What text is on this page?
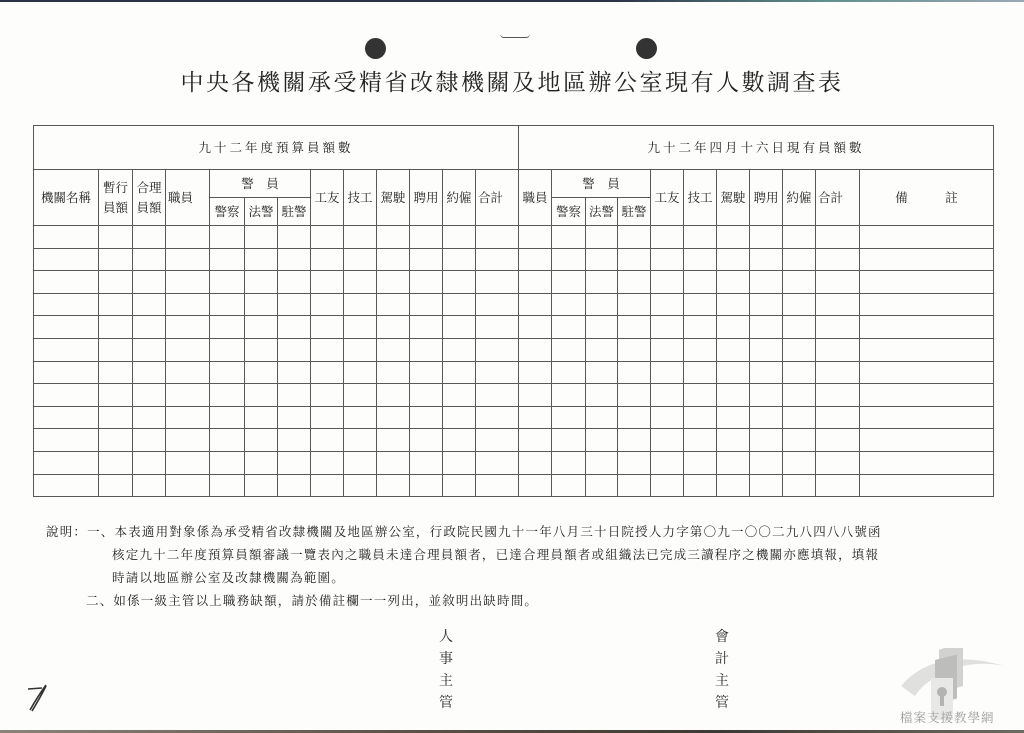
中央各機關承受精省改隸機關及地區辦公室現有人數調查表
九十二年度預算員額數													九十二年四月十六日現有員額數										
機關名稱	暫行員額	合理員額	職員	警　員			工友	技工	駕駛	聘用	約僱	合計	職員	警　員			工友	技工	駕駛	聘用	約僱	合計	備　　　註
				警察	法警	駐警								警察	法警	駐警							

說明：一、本表適用對象係為承受精省改隸機關及地區辦公室，行政院民國九十一年八月三十日院授人力字第〇九一〇〇二九八四八八號函
核定九十二年度預算員額審議一覽表內之職員未達合理員額者，已達合理員額者或組織法已完成三讀程序之機關亦應填報，填報
時請以地區辦公室及改隸機關為範圍。
二、如係一級主管以上職務缺額，請於備註欄一一列出，並敘明出缺時間。
人
事
主
管
會
計
主
管
檔案支援教學網
